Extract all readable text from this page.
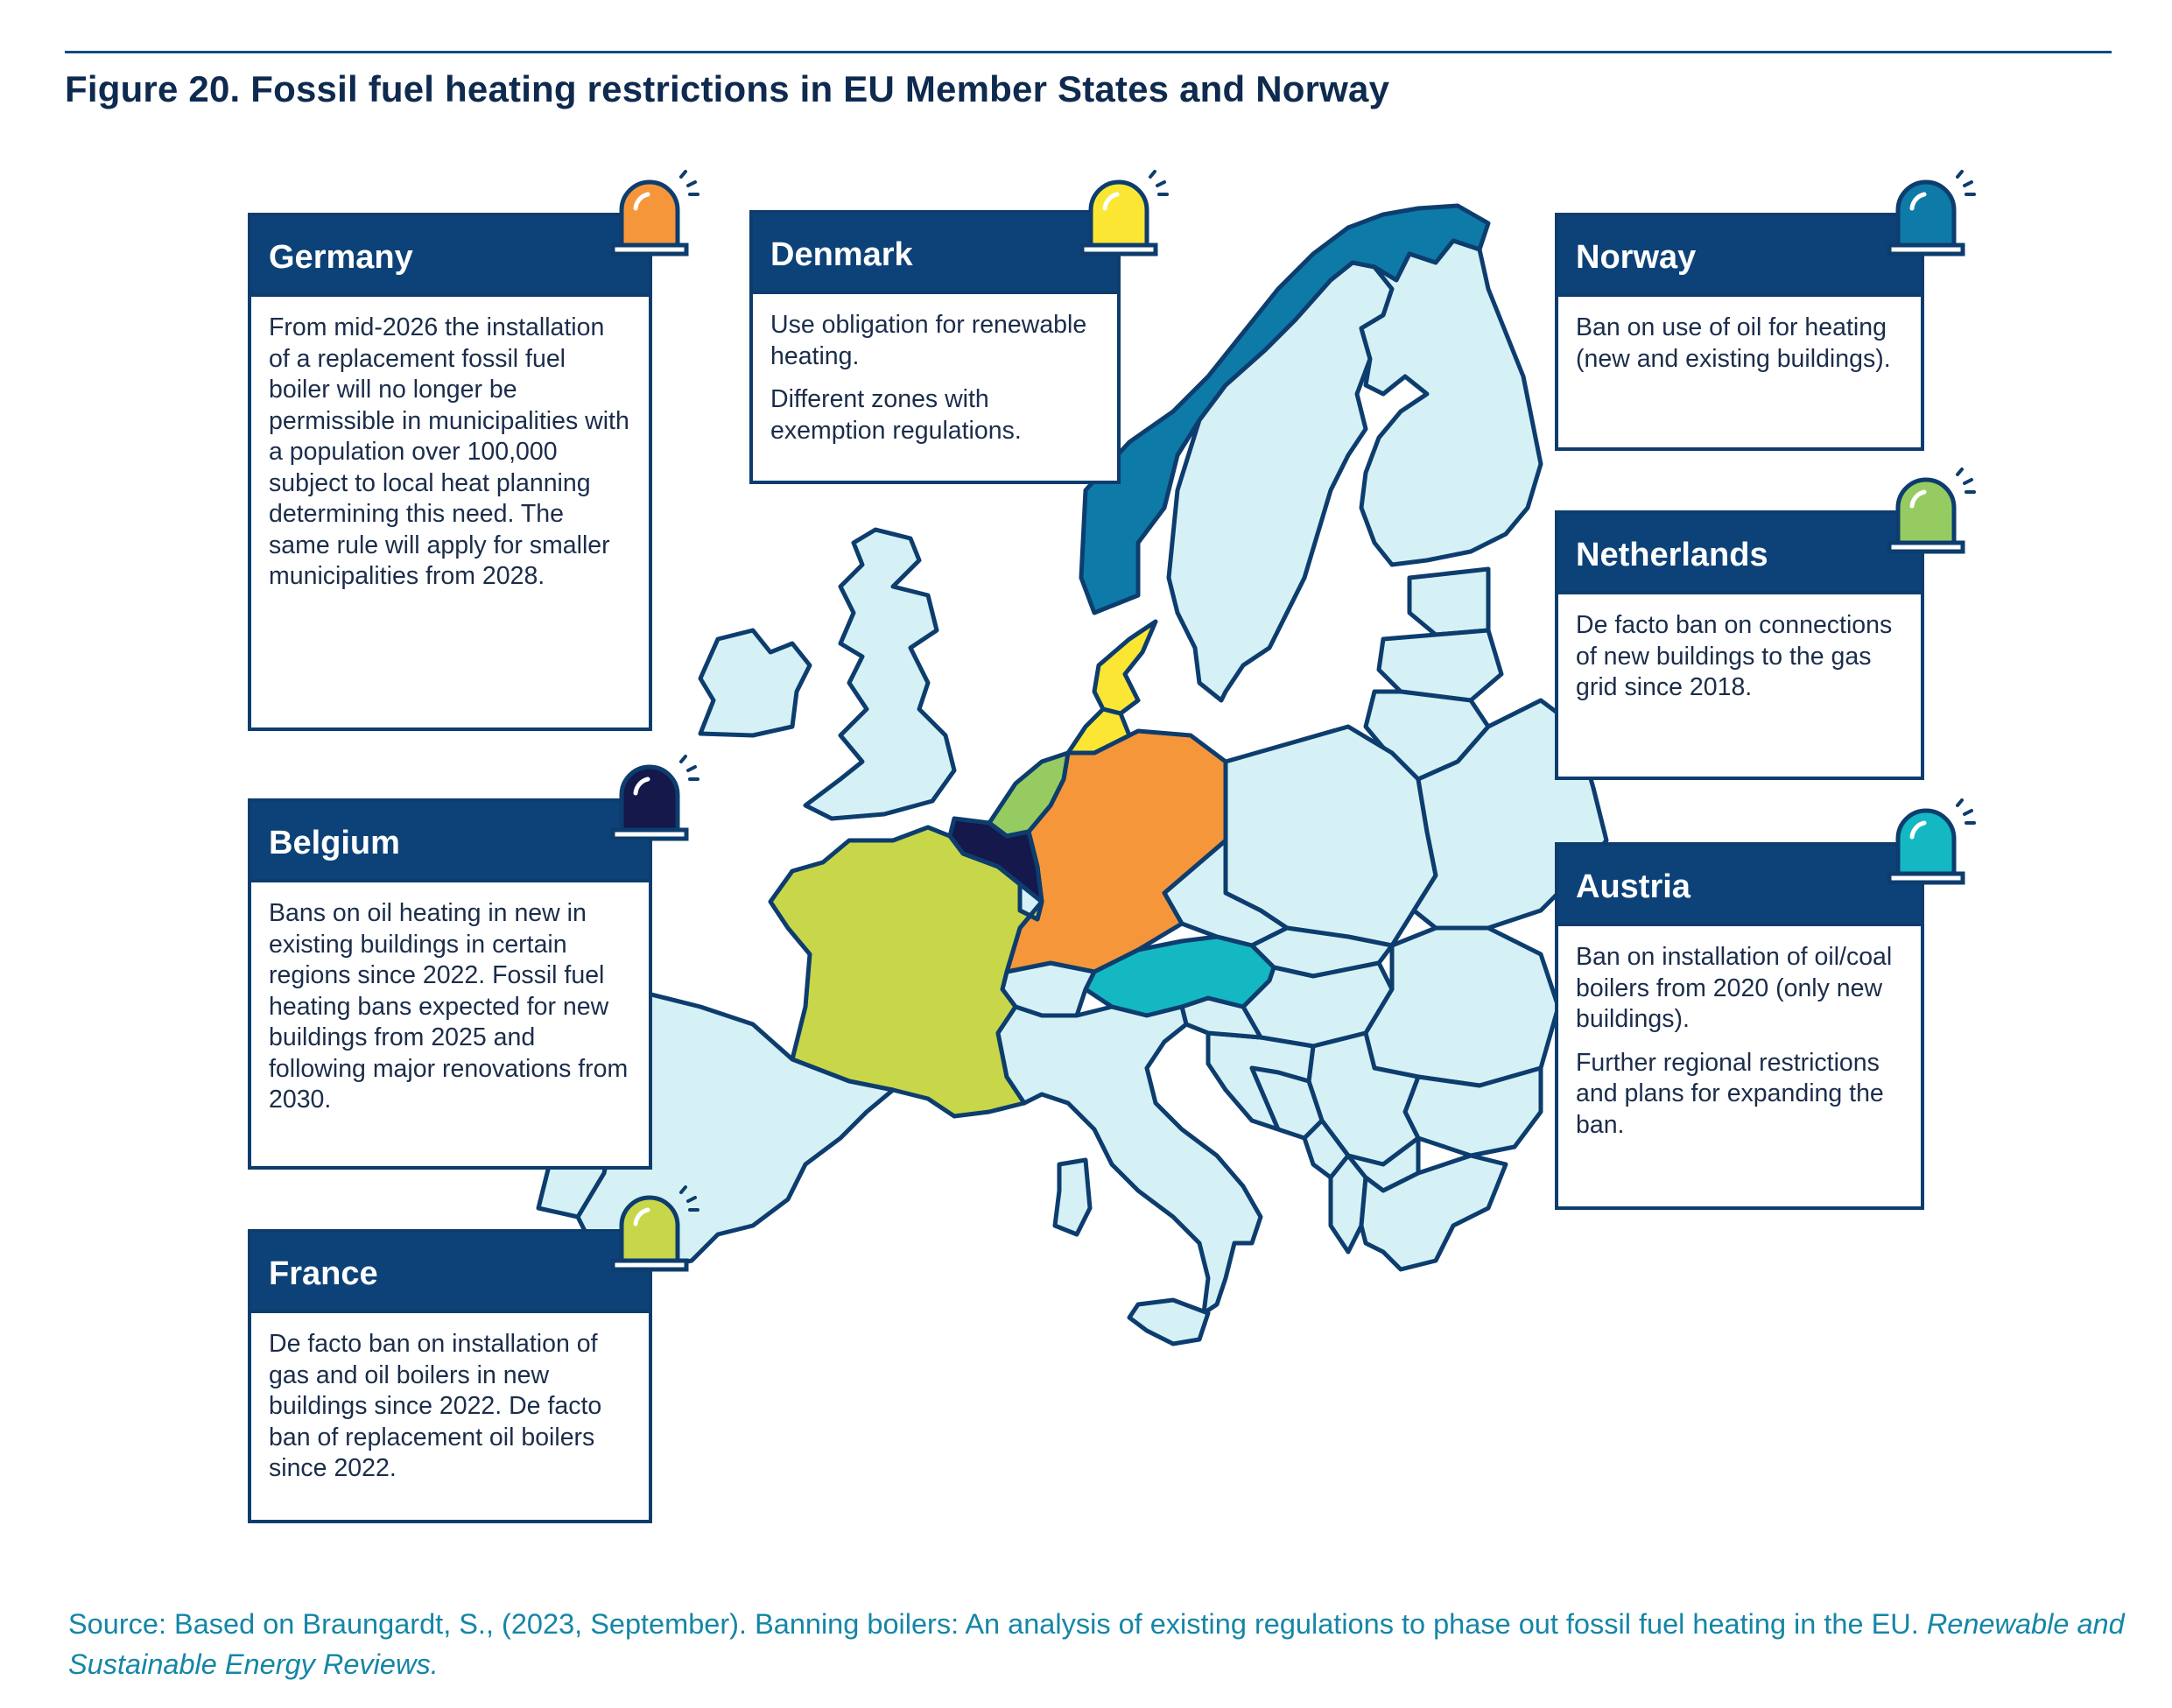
Figure 20. Fossil fuel heating restrictions in EU Member States and Norway
Germany

From mid-2026 the installation of a replacement fossil fuel boiler will no longer be permissible in municipalities with a population over 100,000 subject to local heat planning determining this need. The same rule will apply for smaller municipalities from 2028.

Denmark

Use obligation for renewable heating.

Different zones with exemption regulations.

Norway

Ban on use of oil for heating (new and existing buildings).

Netherlands

De facto ban on connections of new buildings to the gas grid since 2018.

Belgium

Bans on oil heating in new in existing buildings in certain regions since 2022. Fossil fuel heating bans expected for new buildings from 2025 and following major renovations from 2030.

Austria

Ban on installation of oil/coal boilers from 2020 (only new buildings).

Further regional restrictions and plans for expanding the ban.

France

De facto ban on installation of gas and oil boilers in new buildings since 2022. De facto ban of replacement oil boilers since 2022.

Source: Based on Braungardt, S., (2023, September). Banning boilers: An analysis of existing regulations to phase out fossil fuel heating in the EU. Renewable and Sustainable Energy Reviews.
